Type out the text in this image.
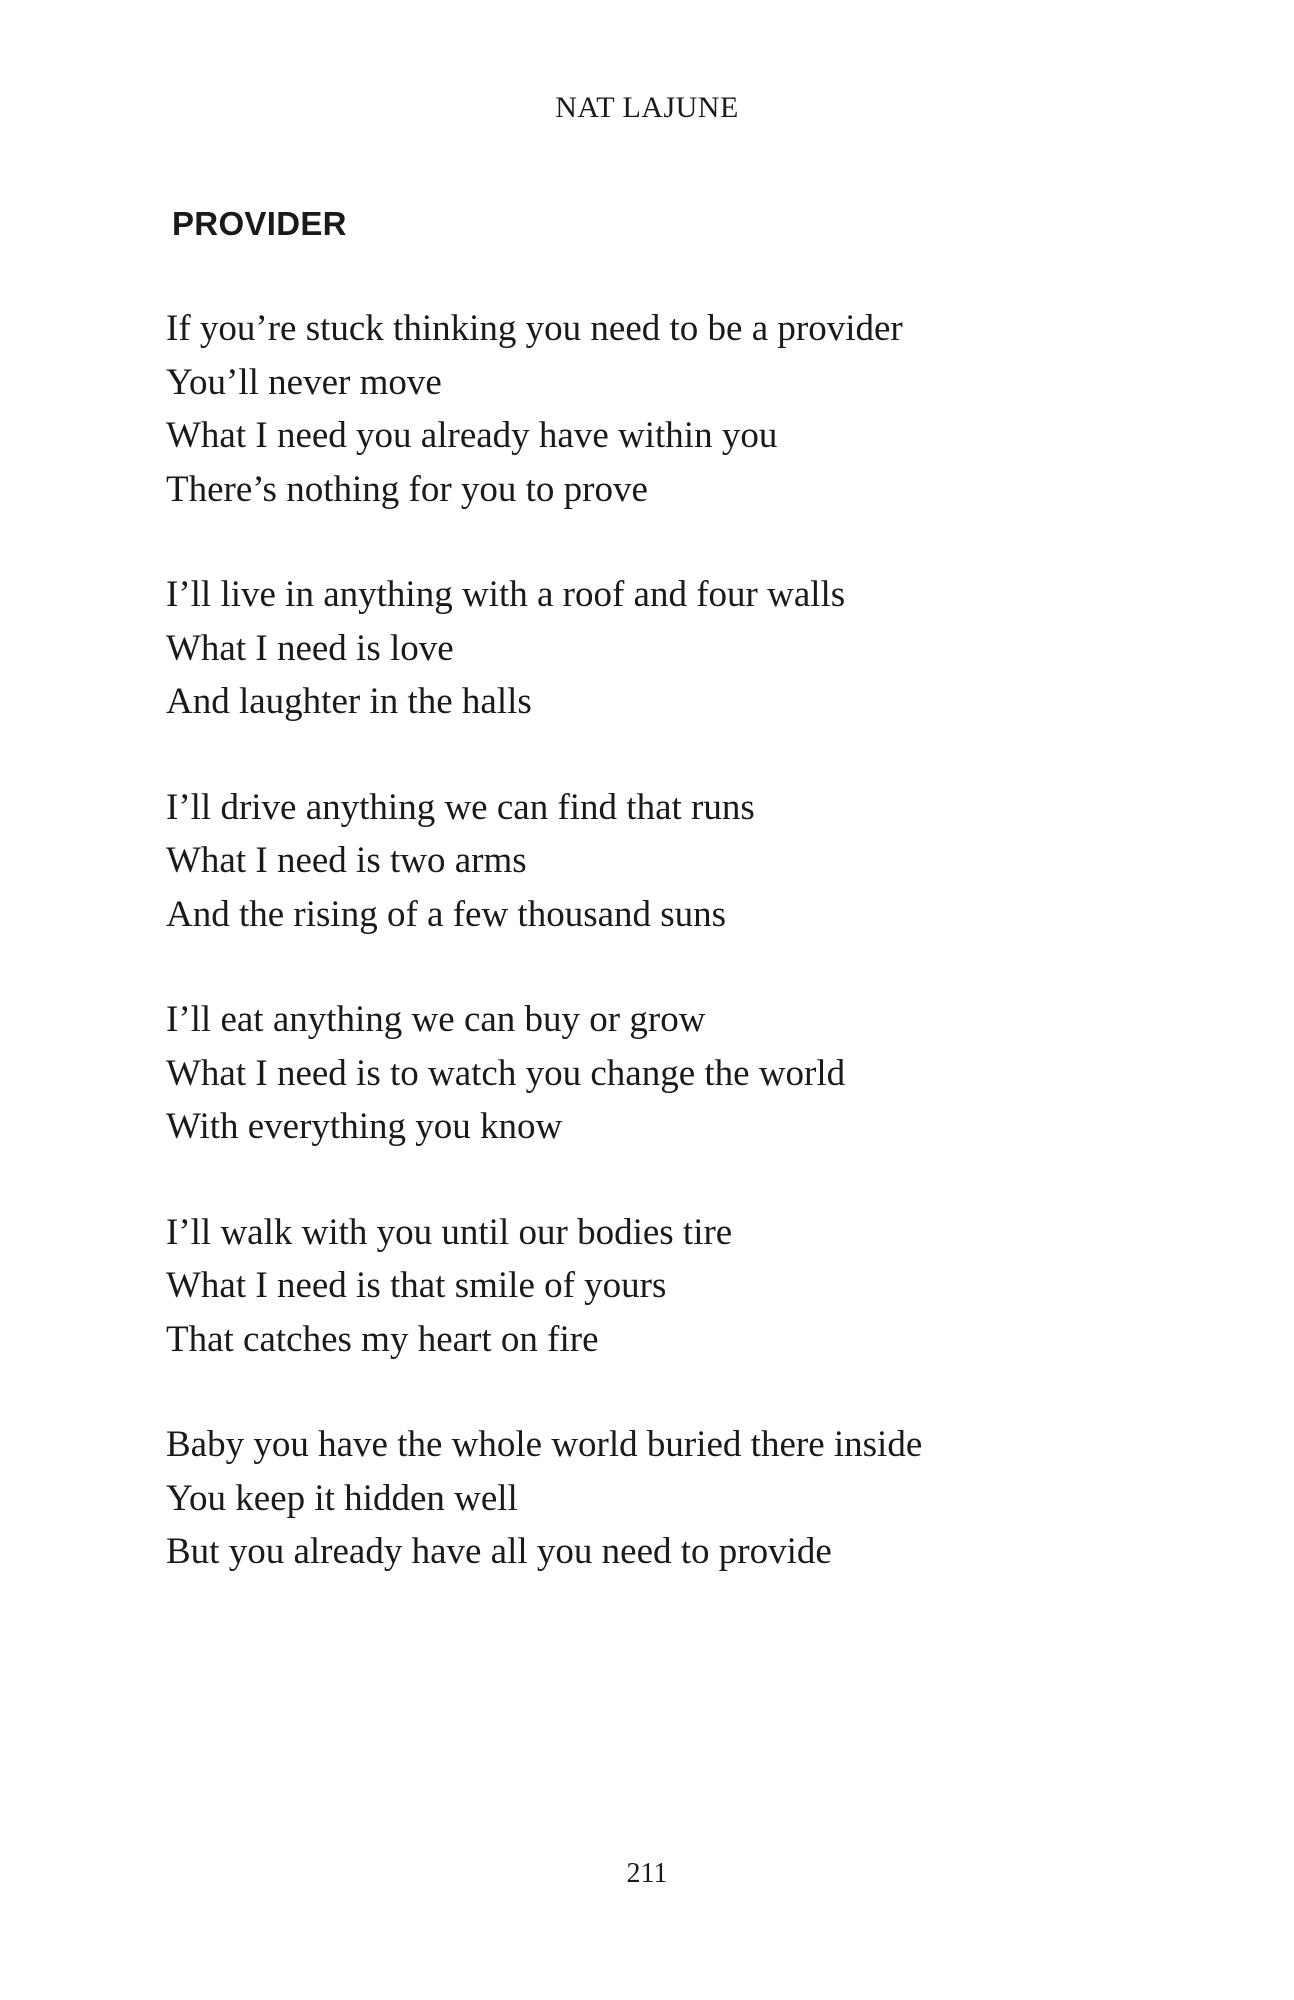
NAT LAJUNE
PROVIDER
If you’re stuck thinking you need to be a provider
You’ll never move
What I need you already have within you
There’s nothing for you to prove
I’ll live in anything with a roof and four walls
What I need is love
And laughter in the halls
I’ll drive anything we can find that runs
What I need is two arms
And the rising of a few thousand suns
I’ll eat anything we can buy or grow
What I need is to watch you change the world
With everything you know
I’ll walk with you until our bodies tire
What I need is that smile of yours
That catches my heart on fire
Baby you have the whole world buried there inside
You keep it hidden well
But you already have all you need to provide
211
